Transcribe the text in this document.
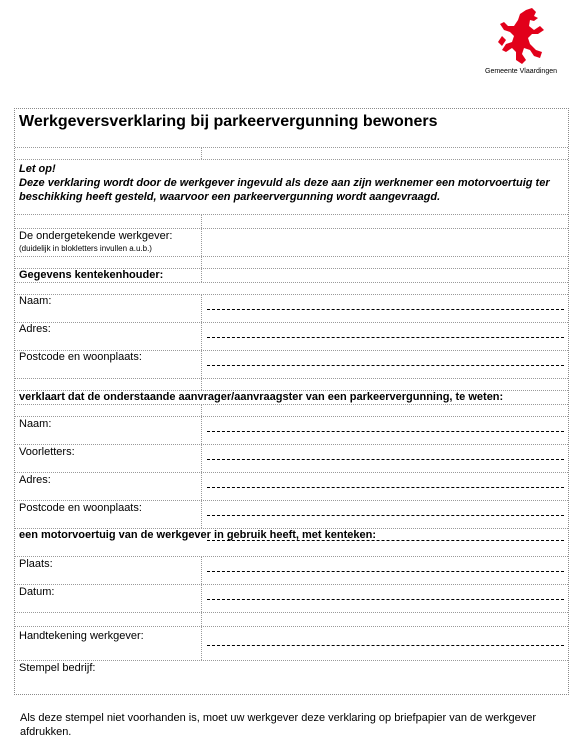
Gemeente Vlaardingen
Werkgeversverklaring bij parkeervergunning bewoners
Let op!
Deze verklaring wordt door de werkgever ingevuld als deze aan zijn werknemer een motorvoertuig ter beschikking heeft gesteld, waarvoor een parkeervergunning wordt aangevraagd.
De ondergetekende werkgever:
(duidelijk in blokletters invullen a.u.b.)
Gegevens kentekenhouder:
Naam:
Adres:
Postcode en woonplaats:
verklaart dat de onderstaande aanvrager/aanvraagster van een parkeervergunning, te weten:
Naam:
Voorletters:
Adres:
Postcode en woonplaats:
een motorvoertuig van de werkgever in gebruik heeft, met kenteken:
Plaats:
Datum:
Handtekening werkgever:
Stempel bedrijf:
Als deze stempel niet voorhanden is, moet uw werkgever deze verklaring op briefpapier van de werkgever afdrukken.
